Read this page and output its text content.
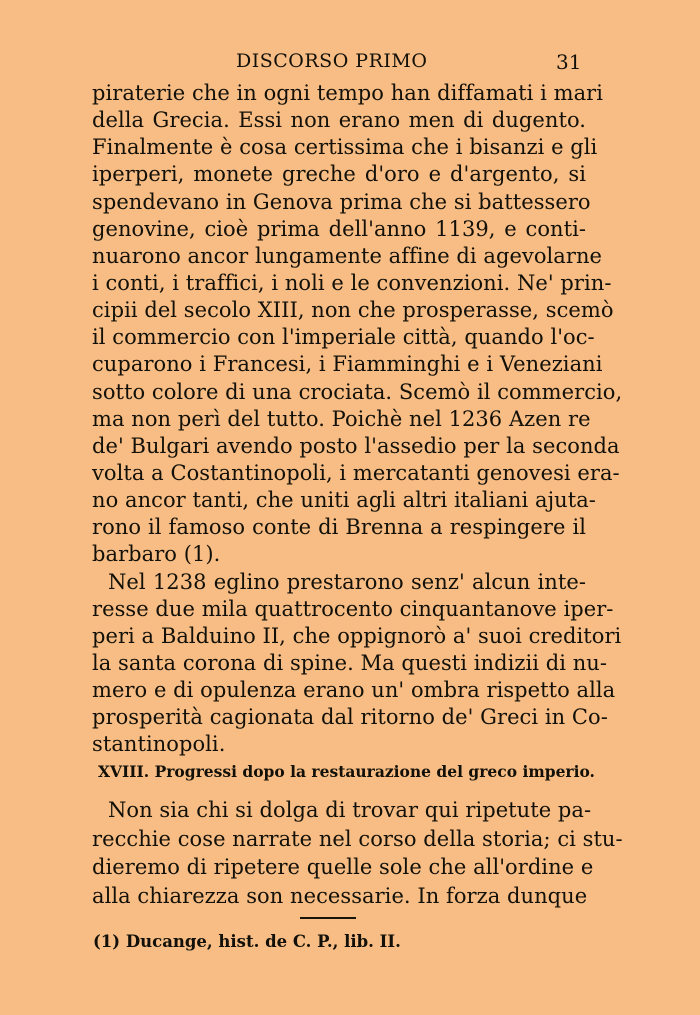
DISCORSO PRIMO	31
piraterie che in ogni tempo han diffamati i mari
della Grecia. Essi non erano men di dugento.
Finalmente è cosa certissima che i bisanzi e gli
iperperi, monete greche d'oro e d'argento, si
spendevano in Genova prima che si battessero
genovine, cioè prima dell'anno 1139, e conti-
nuarono ancor lungamente affine di agevolarne
i conti, i traffici, i noli e le convenzioni. Ne' prin-
cipii del secolo XIII, non che prosperasse, scemò
il commercio con l'imperiale città, quando l'oc-
cuparono i Francesi, i Fiamminghi e i Veneziani
sotto colore di una crociata. Scemò il commercio,
ma non perì del tutto. Poichè nel 1236 Azen re
de' Bulgari avendo posto l'assedio per la seconda
volta a Costantinopoli, i mercatanti genovesi era-
no ancor tanti, che uniti agli altri italiani ajuta-
rono il famoso conte di Brenna a respingere il
barbaro (1).
Nel 1238 eglino prestarono senz' alcun inte-
resse due mila quattrocento cinquantanove iper-
peri a Balduino II, che oppignorò a' suoi creditori
la santa corona di spine. Ma questi indizii di nu-
mero e di opulenza erano un' ombra rispetto alla
prosperità cagionata dal ritorno de' Greci in Co-
stantinopoli.
XVIII. Progressi dopo la restaurazione del greco imperio.
Non sia chi si dolga di trovar qui ripetute pa-
recchie cose narrate nel corso della storia; ci stu-
dieremo di ripetere quelle sole che all'ordine e
alla chiarezza son necessarie. In forza dunque
(1) Ducange, hist. de C. P., lib. II.
